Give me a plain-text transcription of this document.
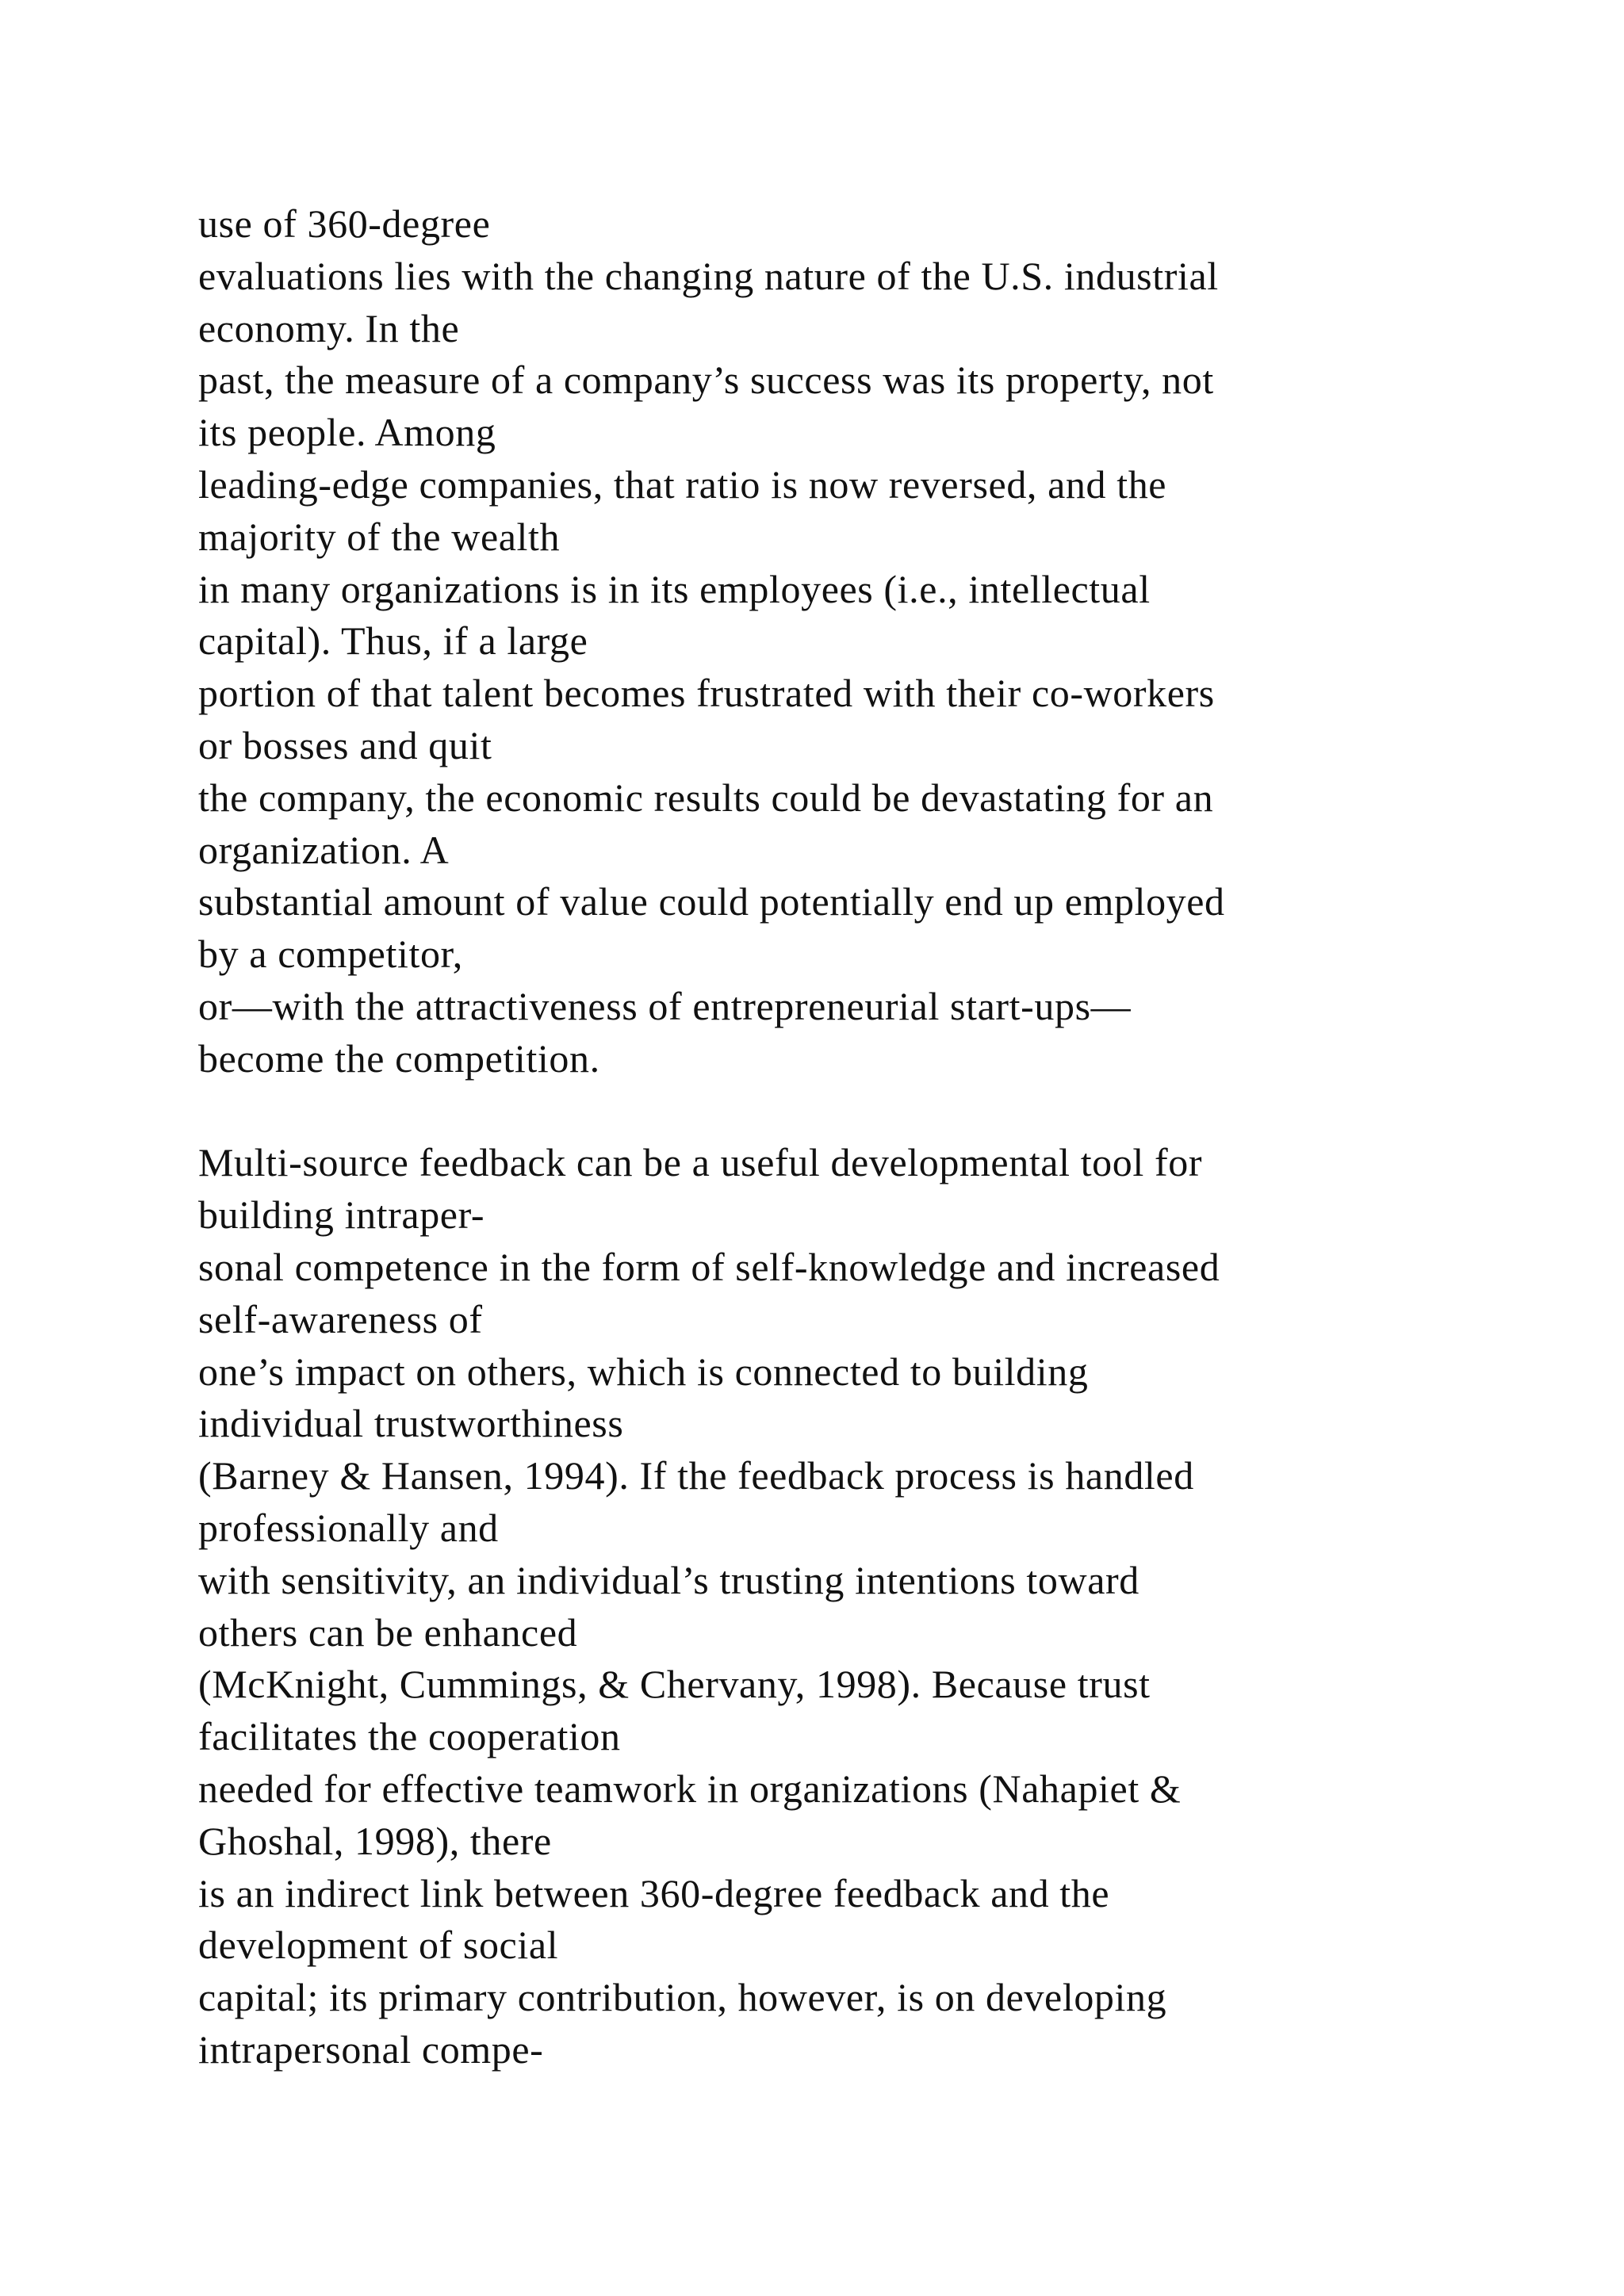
use of 360-degree
evaluations lies with the changing nature of the U.S. industrial
economy. In the
past, the measure of a company’s success was its property, not
its people. Among
leading-edge companies, that ratio is now reversed, and the
majority of the wealth
in many organizations is in its employees (i.e., intellectual
capital). Thus, if a large
portion of that talent becomes frustrated with their co-workers
or bosses and quit
the company, the economic results could be devastating for an
organization. A
substantial amount of value could potentially end up employed
by a competitor,
or—with the attractiveness of entrepreneurial start-ups—
become the competition.
Multi-source feedback can be a useful developmental tool for
building intraper-
sonal competence in the form of self-knowledge and increased
self-awareness of
one’s impact on others, which is connected to building
individual trustworthiness
(Barney & Hansen, 1994). If the feedback process is handled
professionally and
with sensitivity, an individual’s trusting intentions toward
others can be enhanced
(McKnight, Cummings, & Chervany, 1998). Because trust
facilitates the cooperation
needed for effective teamwork in organizations (Nahapiet &
Ghoshal, 1998), there
is an indirect link between 360-degree feedback and the
development of social
capital; its primary contribution, however, is on developing
intrapersonal compe-
